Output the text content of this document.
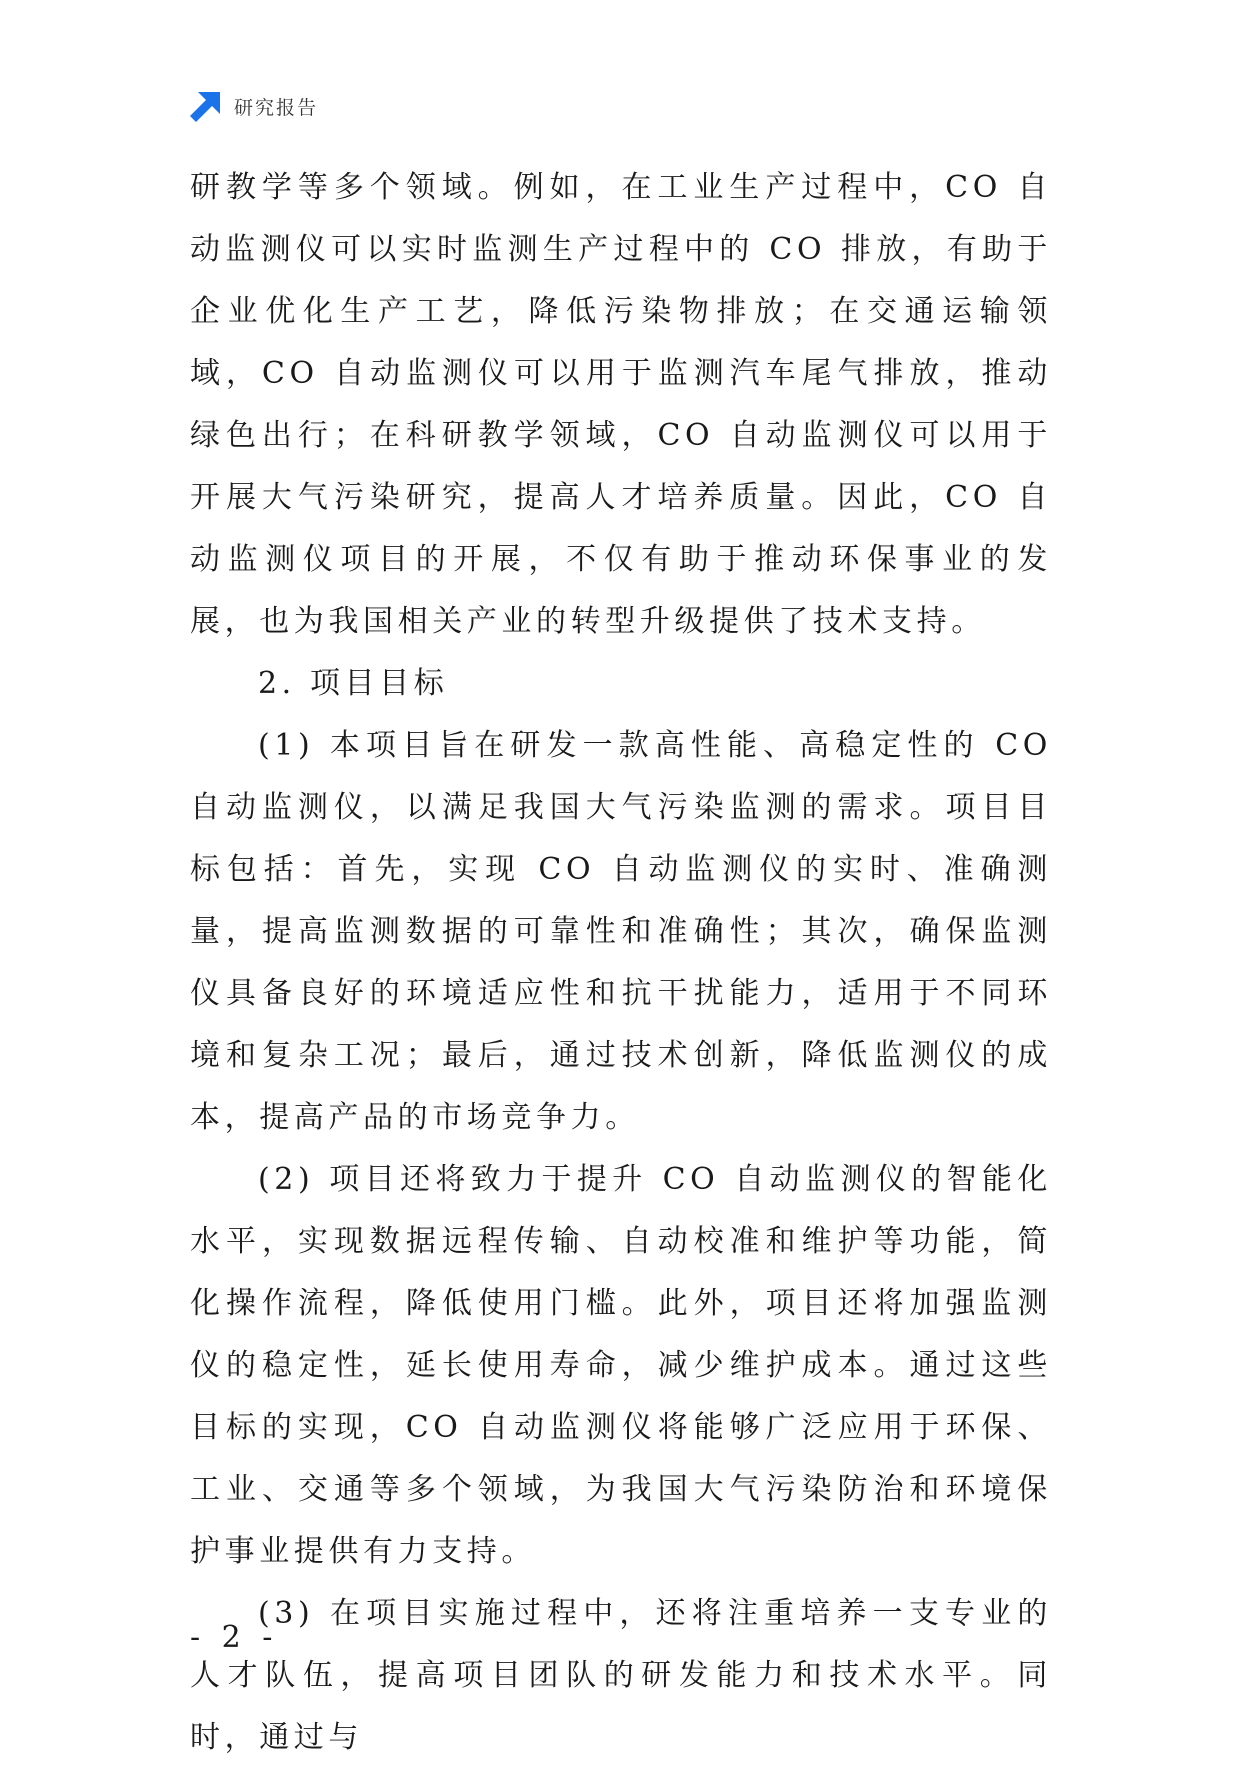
研究报告

研教学等多个领域。例如，在工业生产过程中，CO 自动监测仪可以实时监测生产过程中的 CO 排放，有助于企业优化生产工艺，降低污染物排放；在交通运输领域，CO 自动监测仪可以用于监测汽车尾气排放，推动绿色出行；在科研教学领域，CO 自动监测仪可以用于开展大气污染研究，提高人才培养质量。因此，CO 自动监测仪项目的开展，不仅有助于推动环保事业的发展，也为我国相关产业的转型升级提供了技术支持。

2. 项目目标

(1) 本项目旨在研发一款高性能、高稳定性的 CO 自动监测仪，以满足我国大气污染监测的需求。项目目标包括：首先，实现 CO 自动监测仪的实时、准确测量，提高监测数据的可靠性和准确性；其次，确保监测仪具备良好的环境适应性和抗干扰能力，适用于不同环境和复杂工况；最后，通过技术创新，降低监测仪的成本，提高产品的市场竞争力。

(2) 项目还将致力于提升 CO 自动监测仪的智能化水平，实现数据远程传输、自动校准和维护等功能，简化操作流程，降低使用门槛。此外，项目还将加强监测仪的稳定性，延长使用寿命，减少维护成本。通过这些目标的实现，CO 自动监测仪将能够广泛应用于环保、工业、交通等多个领域，为我国大气污染防治和环境保护事业提供有力支持。

(3) 在项目实施过程中，还将注重培养一支专业的人才队伍，提高项目团队的研发能力和技术水平。同时，通过与

- 2 -
